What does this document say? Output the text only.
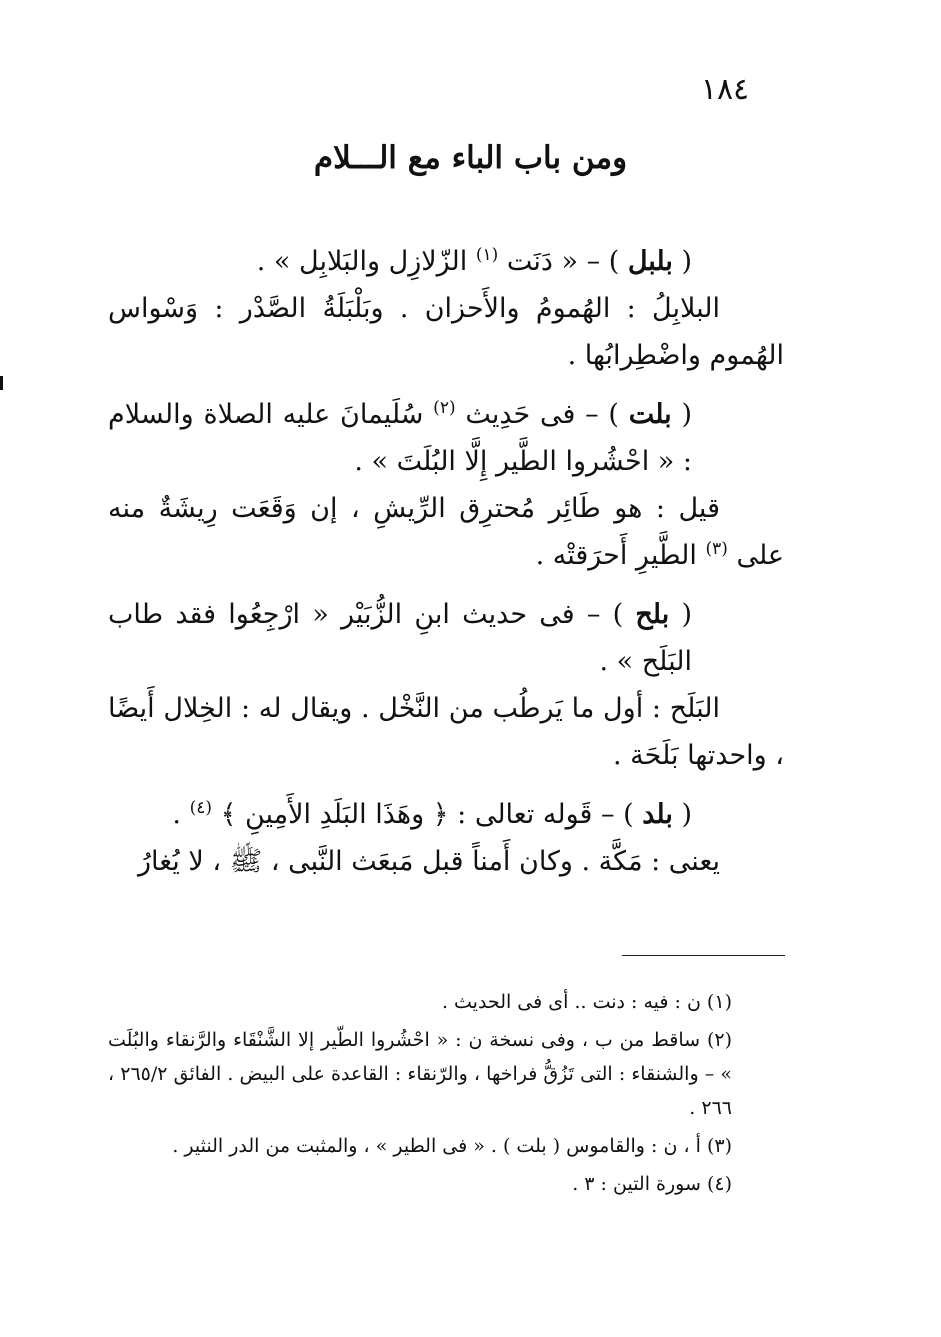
١٨٤
ومن باب الباء مع الـــلام

( بلبل ) – « دَنَت $^{(١)}$ الزّلازِل والبَلابِل » .

البلابِلُ : الهُمومُ والأَحزان . وبَلْبَلَةُ الصَّدْر : وَسْواس الهُموم واضْطِرابُها .

( بلت ) – فى حَدِيث $^{(٢)}$ سُلَيمانَ عليه الصلاة والسلام : « احْشُروا الطَّير إِلَّا البُلَتَ » .

قيل : هو طَائِر مُحترِق الرِّيشِ ، إن وَقَعَت رِيشَةٌ منه على $^{(٣)}$ الطَّيرِ أَحرَقتْه .

( بلح ) – فى حديث ابنِ الزُّبَيْر « ارْجِعُوا فقد طاب البَلَح » .

البَلَح : أول ما يَرطُب من النَّخْل . ويقال له : الخِلال أَيضًا ، واحدتها بَلَحَة .

( بلد ) – قَوله تعالى : ﴿ وهَذَا البَلَدِ الأَمِينِ ﴾ $^{(٤)}$ .

يعنى : مَكَّة . وكان أَمناً قبل مَبعَث النَّبى ، ﷺ ، لا يُغارُ

(١) ن : فيه : دنت .. أى فى الحديث .

(٢) ساقط من ب ، وفى نسخة ن : « احْشُروا الطّير إلا الشَّنْقَاء والرَّنقاء والبُلَت » – والشنقاء : التى تَزُقُّ فراخها ، والرّنقاء : القاعدة على البيض . الفائق ٢٦٥/٢ ، ٢٦٦ .

(٣) أ ، ن : والقاموس ( بلت ) . « فى الطير » ، والمثبت من الدر النثير .

(٤) سورة التين : ٣ .
